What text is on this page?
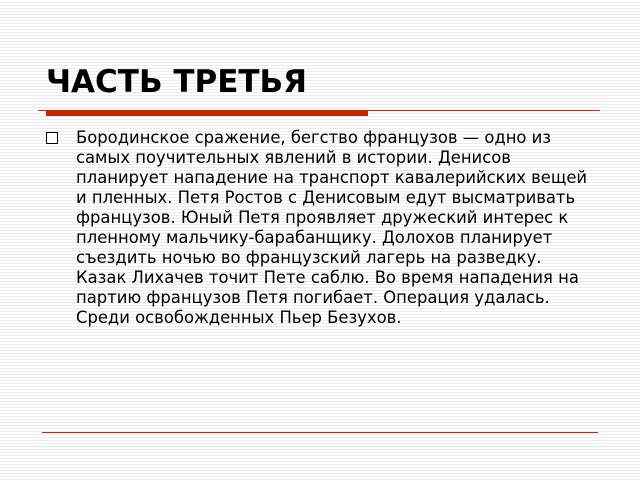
ЧАСТЬ ТРЕТЬЯ

Бородинское сражение, бегство французов — одно из самых поучительных явлений в истории. Денисов планирует нападение на транспорт кавалерийских вещей и пленных. Петя Ростов с Денисовым едут высматривать французов. Юный Петя проявляет дружеский интерес к пленному мальчику-барабанщику. Долохов планирует съездить ночью во французский лагерь на разведку. Казак Лихачев точит Пете саблю. Во время нападения на партию французов Петя погибает. Операция удалась. Среди освобожденных Пьер Безухов.
